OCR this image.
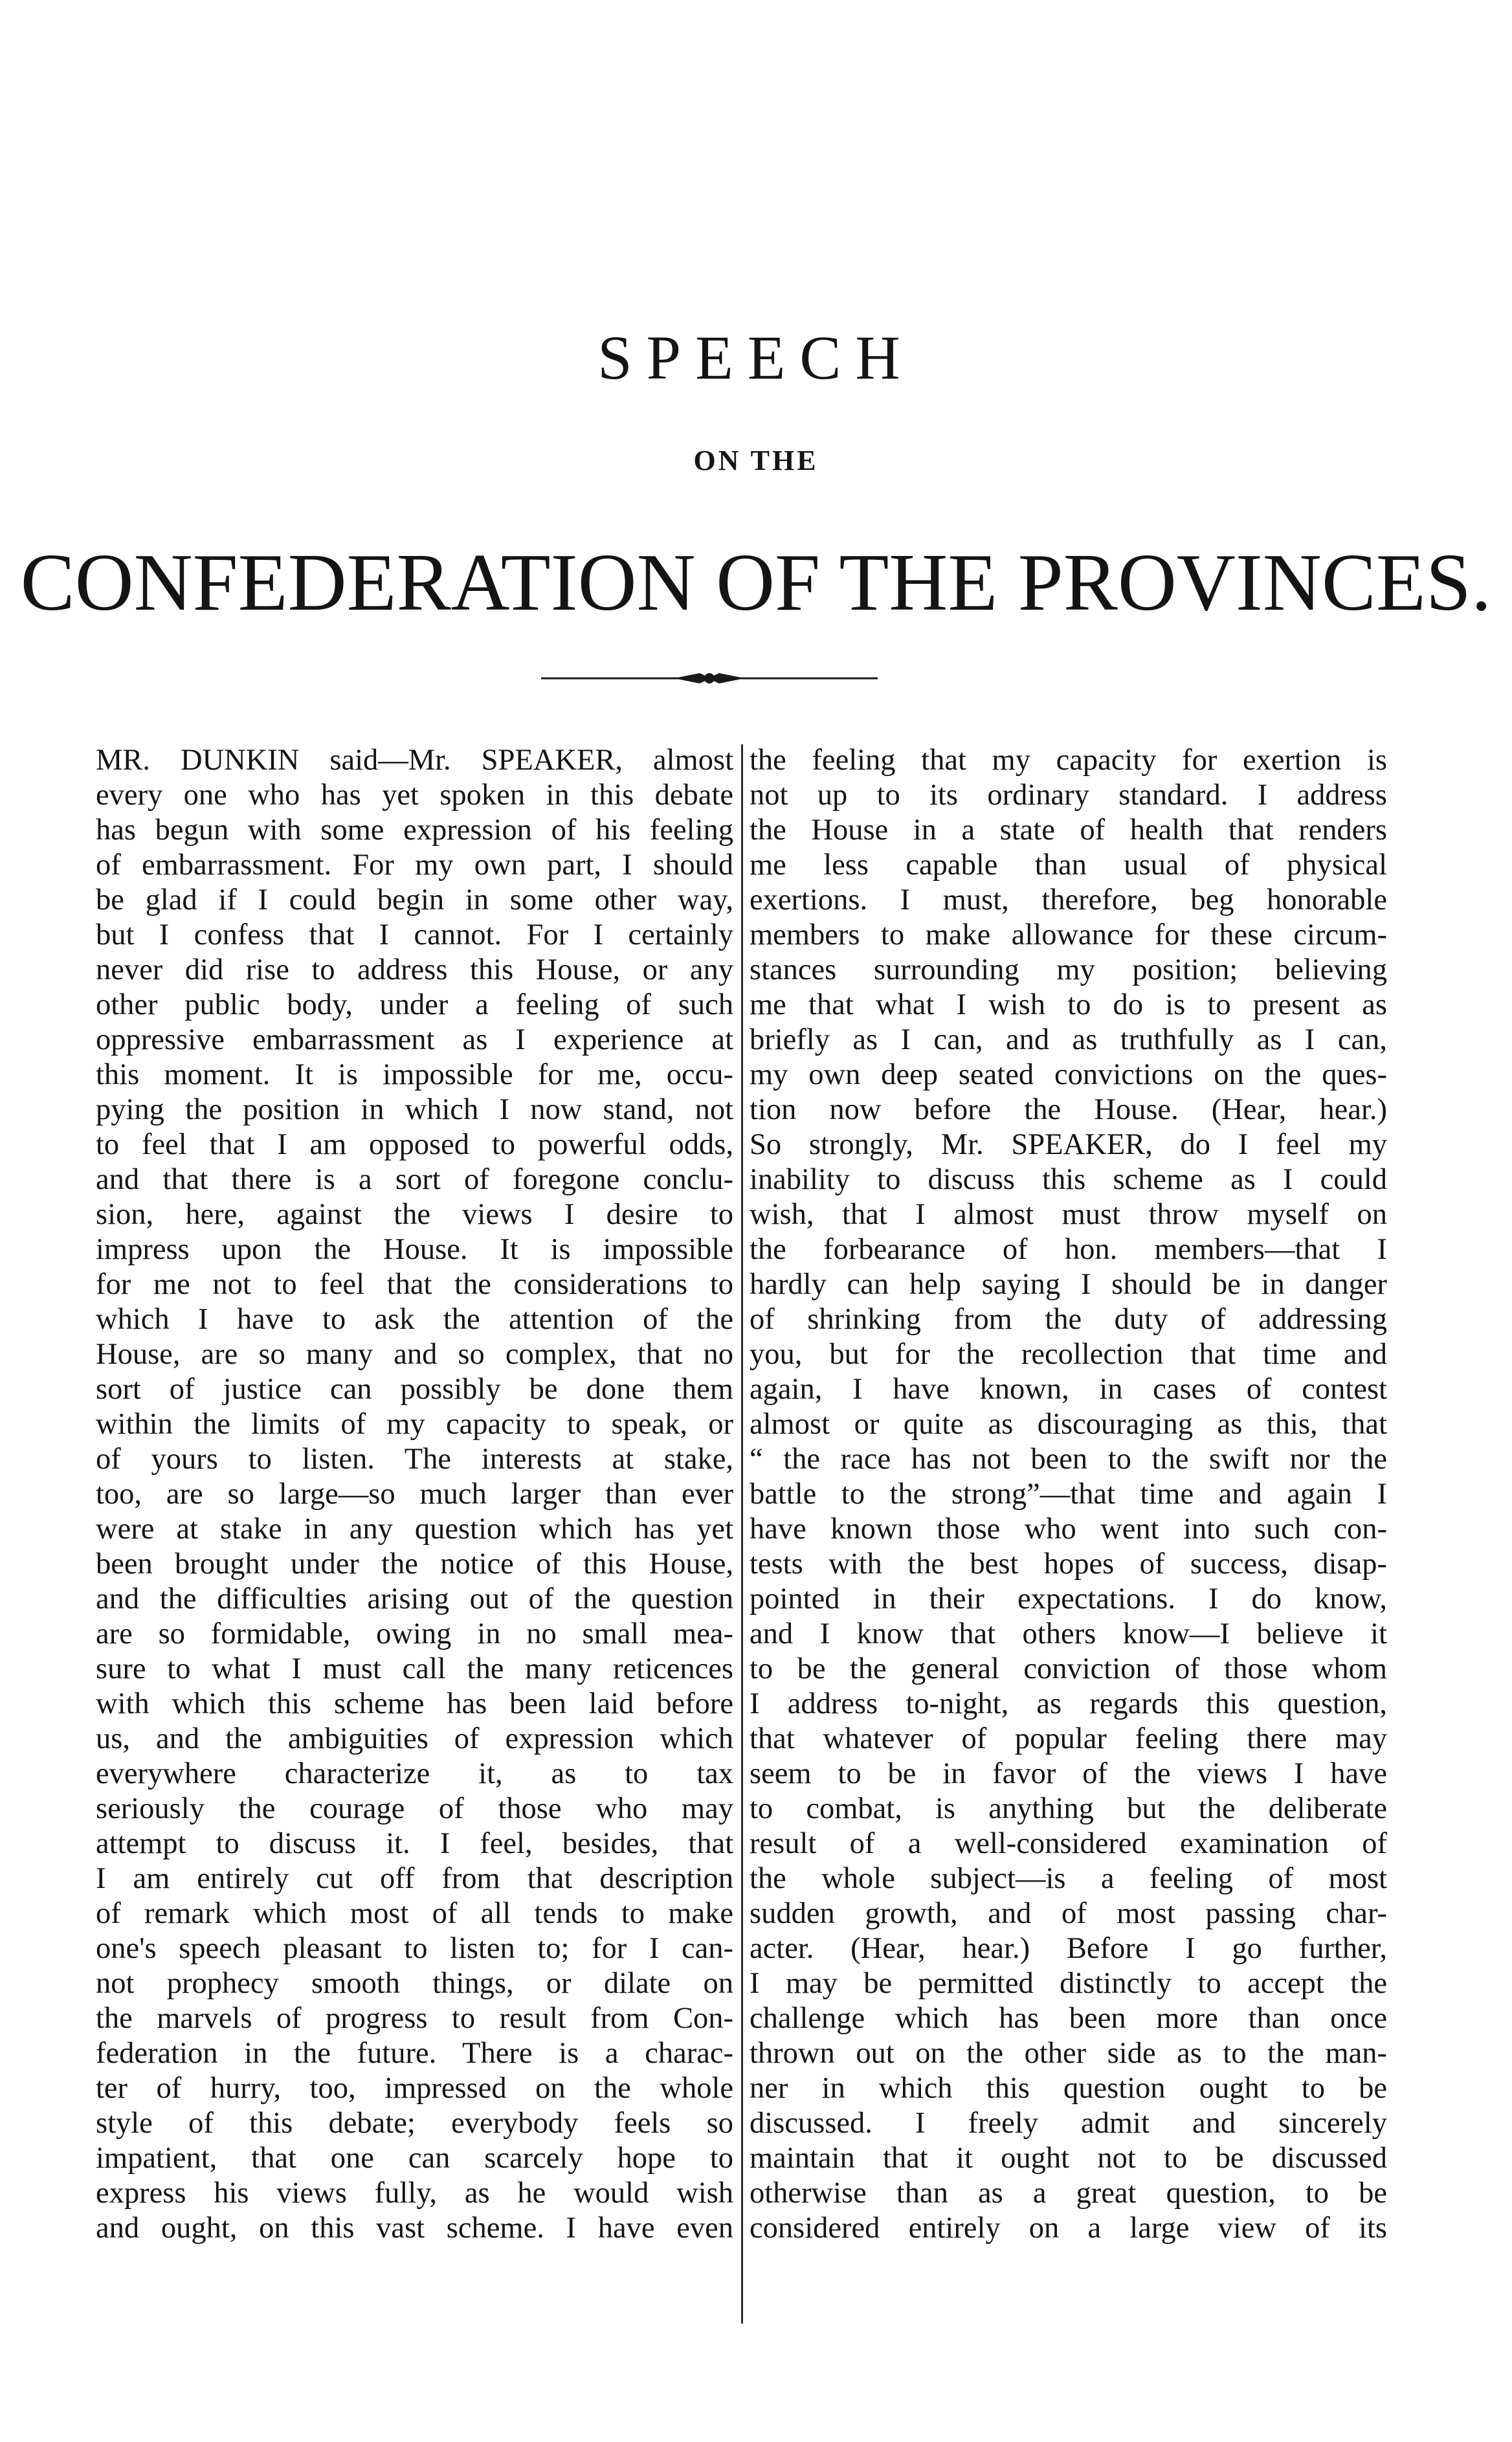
SPEECH
ON THE
CONFEDERATION OF THE PROVINCES.
MR. DUNKIN said—Mr. SPEAKER, almost
every one who has yet spoken in this debate
has begun with some expression of his feeling
of embarrassment. For my own part, I should
be glad if I could begin in some other way,
but I confess that I cannot. For I certainly
never did rise to address this House, or any
other public body, under a feeling of such
oppressive embarrassment as I experience at
this moment. It is impossible for me, occu-
pying the position in which I now stand, not
to feel that I am opposed to powerful odds,
and that there is a sort of foregone conclu-
sion, here, against the views I desire to
impress upon the House. It is impossible
for me not to feel that the considerations to
which I have to ask the attention of the
House, are so many and so complex, that no
sort of justice can possibly be done them
within the limits of my capacity to speak, or
of yours to listen. The interests at stake,
too, are so large—so much larger than ever
were at stake in any question which has yet
been brought under the notice of this House,
and the difficulties arising out of the question
are so formidable, owing in no small mea-
sure to what I must call the many reticences
with which this scheme has been laid before
us, and the ambiguities of expression which
everywhere characterize it, as to tax
seriously the courage of those who may
attempt to discuss it. I feel, besides, that
I am entirely cut off from that description
of remark which most of all tends to make
one's speech pleasant to listen to; for I can-
not prophecy smooth things, or dilate on
the marvels of progress to result from Con-
federation in the future. There is a charac-
ter of hurry, too, impressed on the whole
style of this debate; everybody feels so
impatient, that one can scarcely hope to
express his views fully, as he would wish
and ought, on this vast scheme. I have even
the feeling that my capacity for exertion is
not up to its ordinary standard. I address
the House in a state of health that renders
me less capable than usual of physical
exertions. I must, therefore, beg honorable
members to make allowance for these circum-
stances surrounding my position; believing
me that what I wish to do is to present as
briefly as I can, and as truthfully as I can,
my own deep seated convictions on the ques-
tion now before the House. (Hear, hear.)
So strongly, Mr. SPEAKER, do I feel my
inability to discuss this scheme as I could
wish, that I almost must throw myself on
the forbearance of hon. members—that I
hardly can help saying I should be in danger
of shrinking from the duty of addressing
you, but for the recollection that time and
again, I have known, in cases of contest
almost or quite as discouraging as this, that
“ the race has not been to the swift nor the
battle to the strong”—that time and again I
have known those who went into such con-
tests with the best hopes of success, disap-
pointed in their expectations. I do know,
and I know that others know—I believe it
to be the general conviction of those whom
I address to-night, as regards this question,
that whatever of popular feeling there may
seem to be in favor of the views I have
to combat, is anything but the deliberate
result of a well-considered examination of
the whole subject—is a feeling of most
sudden growth, and of most passing char-
acter. (Hear, hear.) Before I go further,
I may be permitted distinctly to accept the
challenge which has been more than once
thrown out on the other side as to the man-
ner in which this question ought to be
discussed. I freely admit and sincerely
maintain that it ought not to be discussed
otherwise than as a great question, to be
considered entirely on a large view of its
